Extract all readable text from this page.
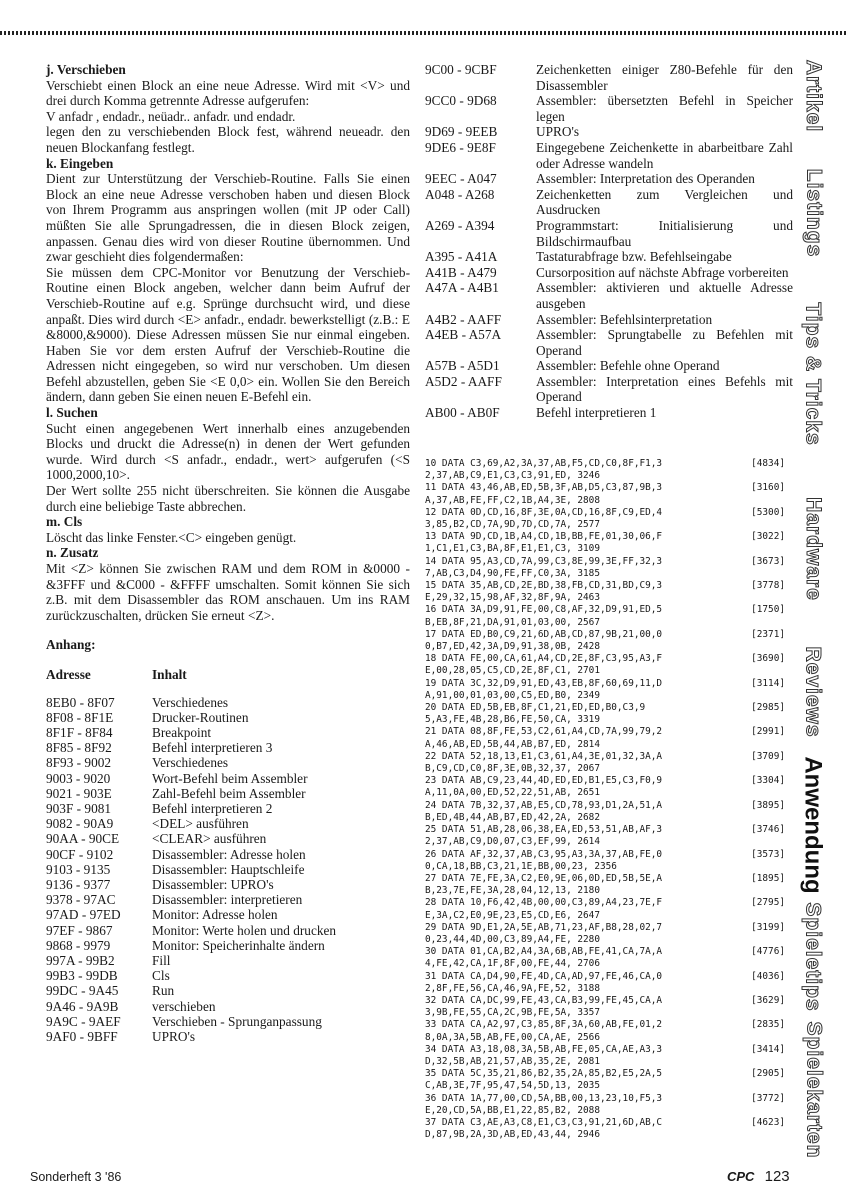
j. Verschieben

Verschiebt einen Block an eine neue Adresse. Wird mit <V> und drei durch Komma getrennte Adresse aufgerufen:

V anfadr , endadr., neüadr.. anfadr. und endadr.

legen den zu verschiebenden Block fest, während neueadr. den neuen Blockanfang festlegt.

k. Eingeben

Dient zur Unterstützung der Verschieb-Routine. Falls Sie einen Block an eine neue Adresse verschoben haben und diesen Block von Ihrem Programm aus anspringen wollen (mit JP oder Call) müßten Sie alle Sprungadressen, die in diesen Block zeigen, anpassen. Genau dies wird von dieser Routine übernommen. Und zwar geschieht dies folgendermaßen:

Sie müssen dem CPC-Monitor vor Benutzung der Verschieb-Routine einen Block angeben, welcher dann beim Aufruf der Verschieb-Routine auf e.g. Sprünge durchsucht wird, und diese anpaßt. Dies wird durch <E> anfadr., endadr. bewerkstelligt (z.B.: E &8000,&9000). Diese Adressen müssen Sie nur einmal eingeben. Haben Sie vor dem ersten Aufruf der Verschieb-Routine die Adressen nicht eingegeben, so wird nur verschoben. Um diesen Befehl abzustellen, geben Sie <E 0,0> ein. Wollen Sie den Bereich ändern, dann geben Sie einen neuen E-Befehl ein.

l. Suchen

Sucht einen angegebenen Wert innerhalb eines anzugebenden Blocks und druckt die Adresse(n) in denen der Wert gefunden wurde. Wird durch <S anfadr., endadr., wert> aufgerufen (<S 1000,2000,10>.

Der Wert sollte 255 nicht überschreiten. Sie können die Ausgabe durch eine beliebige Taste abbrechen.

m. Cls

Löscht das linke Fenster.<C> eingeben genügt.

n. Zusatz

Mit <Z> können Sie zwischen RAM und dem ROM in &0000 - &3FFF und &C000 - &FFFF umschalten. Somit können Sie sich z.B. mit dem Disassembler das ROM anschauen. Um ins RAM zurückzuschalten, drücken Sie erneut <Z>.

Anhang:

Adresse	Inhalt
8EB0 - 8F07	Verschiedenes
8F08 - 8F1E	Drucker-Routinen
8F1F - 8F84	Breakpoint
8F85 - 8F92	Befehl interpretieren 3
8F93 - 9002	Verschiedenes
9003 - 9020	Wort-Befehl beim Assembler
9021 - 903E	Zahl-Befehl beim Assembler
903F - 9081	Befehl interpretieren 2
9082 - 90A9	<DEL> ausführen
90AA - 90CE	<CLEAR> ausführen
90CF - 9102	Disassembler: Adresse holen
9103 - 9135	Disassembler: Hauptschleife
9136 - 9377	Disassembler: UPRO's
9378 - 97AC	Disassembler: interpretieren
97AD - 97ED	Monitor: Adresse holen
97EF - 9867	Monitor: Werte holen und drucken
9868 - 9979	Monitor: Speicherinhalte ändern
997A - 99B2	Fill
99B3 - 99DB	Cls
99DC - 9A45	Run
9A46 - 9A9B	verschieben
9A9C - 9AEF	Verschieben - Sprunganpassung
9AF0 - 9BFF	UPRO's
9C00 - 9CBF	Zeichenketten einiger Z80-Befehle für den Disassembler
9CC0 - 9D68	Assembler: übersetzten Befehl in Speicher legen
9D69 - 9EEB	UPRO's
9DE6 - 9E8F	Eingegebene Zeichenkette in abarbeitbare Zahl oder Adresse wandeln
9EEC - A047	Assembler: Interpretation des Operanden
A048 - A268	Zeichenketten zum Vergleichen und Ausdrucken
A269 - A394	Programmstart: Initialisierung und Bildschirmaufbau
A395 - A41A	Tastaturabfrage bzw. Befehlseingabe
A41B - A479	Cursorposition auf nächste Abfrage vorbereiten
A47A - A4B1	Assembler: aktivieren und aktuelle Adresse ausgeben
A4B2 - AAFF	Assembler: Befehlsinterpretation
A4EB - A57A	Assembler: Sprungtabelle zu Befehlen mit Operand
A57B - A5D1	Assembler: Befehle ohne Operand
A5D2 - AAFF	Assembler: Interpretation eines Befehls mit Operand
AB00 - AB0F	Befehl interpretieren 1
10 DATA C3,69,A2,3A,37,AB,F5,CD,C0,8F,F1,3	[4834]
2,37,AB,C9,E1,C3,C3,91,ED, 3246
11 DATA 43,46,AB,ED,5B,3F,AB,D5,C3,87,9B,3	[3160]
A,37,AB,FE,FF,C2,1B,A4,3E, 2808
12 DATA 0D,CD,16,8F,3E,0A,CD,16,8F,C9,ED,4	[5300]
3,85,B2,CD,7A,9D,7D,CD,7A, 2577
13 DATA 9D,CD,1B,A4,CD,1B,BB,FE,01,30,06,F	[3022]
1,C1,E1,C3,BA,8F,E1,E1,C3, 3109
14 DATA 95,A3,CD,7A,99,C3,8E,99,3E,FF,32,3	[3673]
7,AB,C3,D4,90,FE,FF,C0,3A, 3185
15 DATA 35,AB,CD,2E,BD,38,FB,CD,31,BD,C9,3	[3778]
E,29,32,15,98,AF,32,8F,9A, 2463
16 DATA 3A,D9,91,FE,00,C8,AF,32,D9,91,ED,5	[1750]
B,EB,8F,21,DA,91,01,03,00, 2567
17 DATA ED,B0,C9,21,6D,AB,CD,87,9B,21,00,0	[2371]
0,B7,ED,42,3A,D9,91,38,0B, 2428
18 DATA FE,00,CA,61,A4,CD,2E,8F,C3,95,A3,F	[3690]
E,00,28,05,C5,CD,2E,8F,C1, 2701
19 DATA 3C,32,D9,91,ED,43,EB,8F,60,69,11,D	[3114]
A,91,00,01,03,00,C5,ED,B0, 2349
20 DATA ED,5B,EB,8F,C1,21,ED,ED,B0,C3,9	[2985]
5,A3,FE,4B,28,B6,FE,50,CA, 3319
21 DATA 08,8F,FE,53,C2,61,A4,CD,7A,99,79,2	[2991]
A,46,AB,ED,5B,44,AB,B7,ED, 2814
22 DATA 52,18,13,E1,C3,61,A4,3E,01,32,3A,A	[3709]
B,C9,CD,C0,8F,3E,0B,32,37, 2067
23 DATA AB,C9,23,44,4D,ED,ED,B1,E5,C3,F0,9	[3304]
A,11,0A,00,ED,52,22,51,AB, 2651
24 DATA 7B,32,37,AB,E5,CD,78,93,D1,2A,51,A	[3895]
B,ED,4B,44,AB,B7,ED,42,2A, 2682
25 DATA 51,AB,28,06,38,EA,ED,53,51,AB,AF,3	[3746]
2,37,AB,C9,D0,07,C3,EF,99, 2614
26 DATA AF,32,37,AB,C3,95,A3,3A,37,AB,FE,0	[3573]
0,CA,18,BB,C3,21,1E,BB,00,23, 2356
27 DATA 7E,FE,3A,C2,E0,9E,06,0D,ED,5B,5E,A	[1895]
B,23,7E,FE,3A,28,04,12,13, 2180
28 DATA 10,F6,42,4B,00,00,C3,89,A4,23,7E,F	[2795]
E,3A,C2,E0,9E,23,E5,CD,E6, 2647
29 DATA 9D,E1,2A,5E,AB,71,23,AF,B8,28,02,7	[3199]
0,23,44,4D,00,C3,89,A4,FE, 2280
30 DATA 01,CA,B2,A4,3A,6B,AB,FE,41,CA,7A,A	[4776]
4,FE,42,CA,1F,8F,00,FE,44, 2706
31 DATA CA,D4,90,FE,4D,CA,AD,97,FE,46,CA,0	[4036]
2,8F,FE,56,CA,46,9A,FE,52, 3188
32 DATA CA,DC,99,FE,43,CA,B3,99,FE,45,CA,A	[3629]
3,9B,FE,55,CA,2C,9B,FE,5A, 3357
33 DATA CA,A2,97,C3,85,8F,3A,60,AB,FE,01,2	[2835]
8,0A,3A,5B,AB,FE,00,CA,AE, 2566
34 DATA A3,18,08,3A,5B,AB,FE,05,CA,AE,A3,3	[3414]
D,32,5B,AB,21,57,AB,35,2E, 2081
35 DATA 5C,35,21,86,B2,35,2A,85,B2,E5,2A,5	[2905]
C,AB,3E,7F,95,47,54,5D,13, 2035
36 DATA 1A,77,00,CD,5A,BB,00,13,23,10,F5,3	[3772]
E,20,CD,5A,BB,E1,22,85,B2, 2088
37 DATA C3,AE,A3,C8,E1,C3,C3,91,21,6D,AB,C	[4623]
D,87,9B,2A,3D,AB,ED,43,44, 2946
Artikel
Listings
Tips & Tricks
Hardware
Reviews
Anwendung
Spieletips
Spielekarten
Sonderheft 3 '86	CPC 123
